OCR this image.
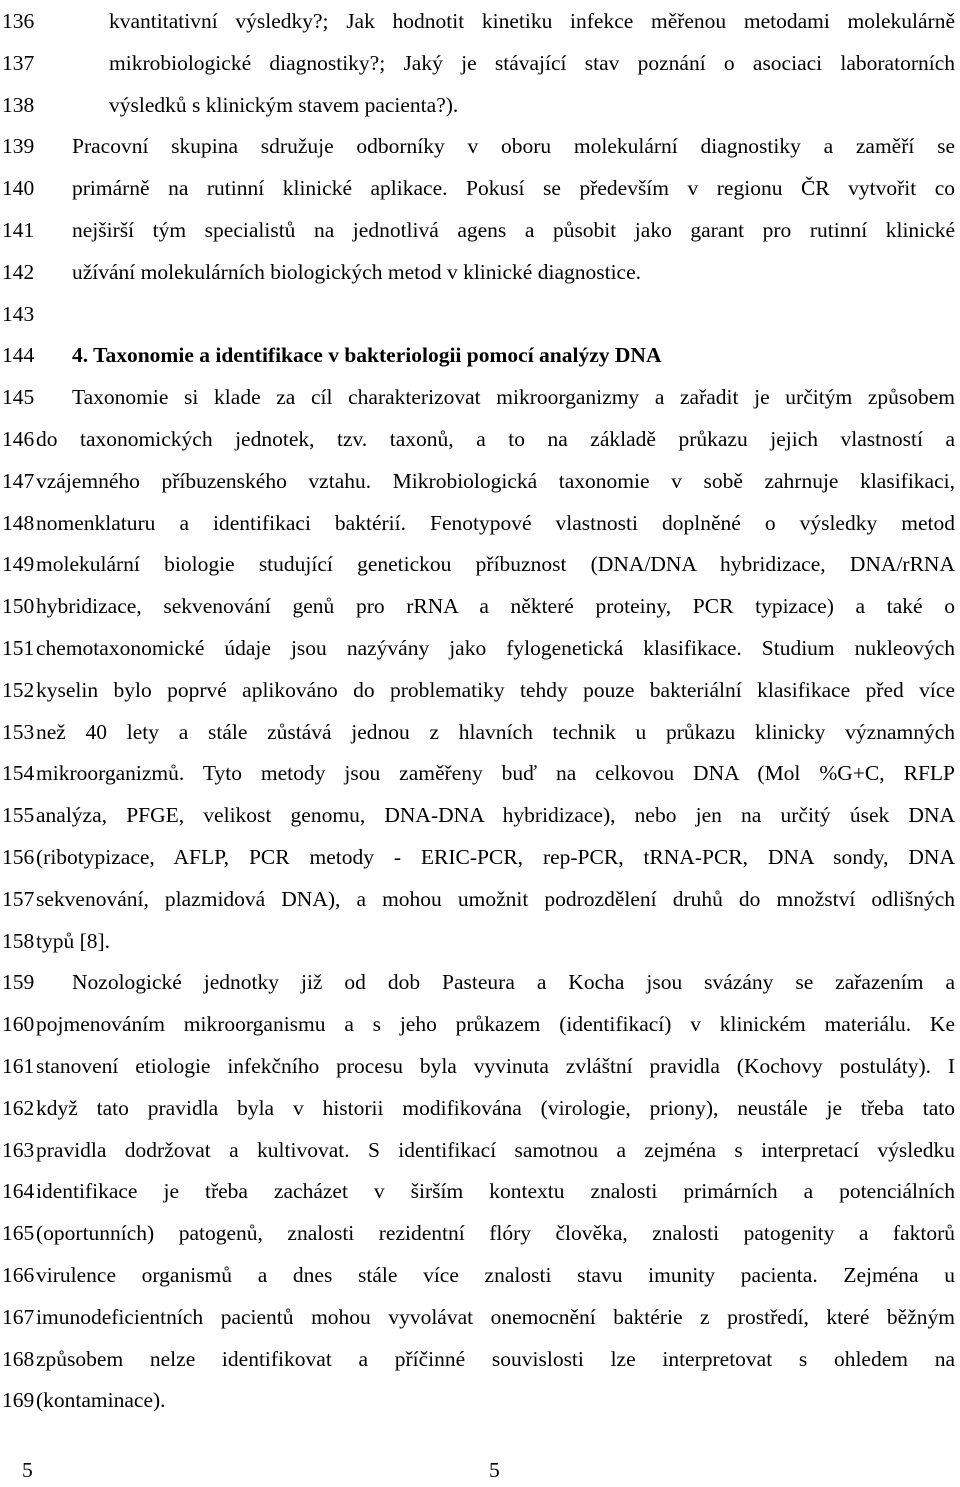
136	kvantitativní výsledky?; Jak hodnotit kinetiku infekce měřenou metodami molekulárně
137	mikrobiologické diagnostiky?; Jaký je stávající stav poznání o asociaci laboratorních
138	výsledků s klinickým stavem pacienta?).
139 Pracovní skupina sdružuje odborníky v oboru molekulární diagnostiky a zaměří se
140 primárně na rutinní klinické aplikace. Pokusí se především v regionu ČR vytvořit co
141 nejširší tým specialistů na jednotlivá agens a působit jako garant pro rutinní klinické
142 užívání molekulárních biologických metod v klinické diagnostice.
143
144 4. Taxonomie a identifikace v bakteriologii pomocí analýzy DNA
145 Taxonomie si klade za cíl charakterizovat mikroorganizmy a zařadit je určitým způsobem
146 do taxonomických jednotek, tzv. taxonů, a to na základě průkazu jejich vlastností a
147 vzájemného příbuzenského vztahu. Mikrobiologická taxonomie v sobě zahrnuje klasifikaci,
148 nomenklaturu a identifikaci baktérií. Fenotypové vlastnosti doplněné o výsledky metod
149 molekulární biologie studující genetickou příbuznost (DNA/DNA hybridizace, DNA/rRNA
150 hybridizace, sekvenování genů pro rRNA a některé proteiny, PCR typizace) a také o
151 chemotaxonomické údaje jsou nazývány jako fylogenetická klasifikace. Studium nukleových
152 kyselin bylo poprvé aplikováno do problematiky tehdy pouze bakteriální klasifikace před více
153 než 40 lety a stále zůstává jednou z hlavních technik u průkazu klinicky významných
154 mikroorganizmů. Tyto metody jsou zaměřeny buď na celkovou DNA (Mol %G+C, RFLP
155 analýza, PFGE, velikost genomu, DNA-DNA hybridizace), nebo jen na určitý úsek DNA
156 (ribotypizace, AFLP, PCR metody - ERIC-PCR, rep-PCR, tRNA-PCR, DNA sondy, DNA
157 sekvenování, plazmidová DNA), a mohou umožnit podrozdělení druhů do množství odlišných
158 typů [8].
159 Nozologické jednotky již od dob Pasteura a Kocha jsou svázány se zařazením a
160 pojmenováním mikroorganismu a s jeho průkazem (identifikací) v klinickém materiálu. Ke
161 stanovení etiologie infekčního procesu byla vyvinuta zvláštní pravidla (Kochovy postuláty). I
162 když tato pravidla byla v historii modifikována (virologie, priony), neustále je třeba tato
163 pravidla dodržovat a kultivovat. S identifikací samotnou a zejména s interpretací výsledku
164 identifikace je třeba zacházet v širším kontextu znalosti primárních a potenciálních
165 (oportunních) patogenů, znalosti rezidentní flóry člověka, znalosti patogenity a faktorů
166 virulence organismů a dnes stále více znalosti stavu imunity pacienta. Zejména u
167 imunodeficientních pacientů mohou vyvolávat onemocnění baktérie z prostředí, které běžným
168 způsobem nelze identifikovat a příčinné souvislosti lze interpretovat s ohledem na
169 (kontaminace).
5	5
